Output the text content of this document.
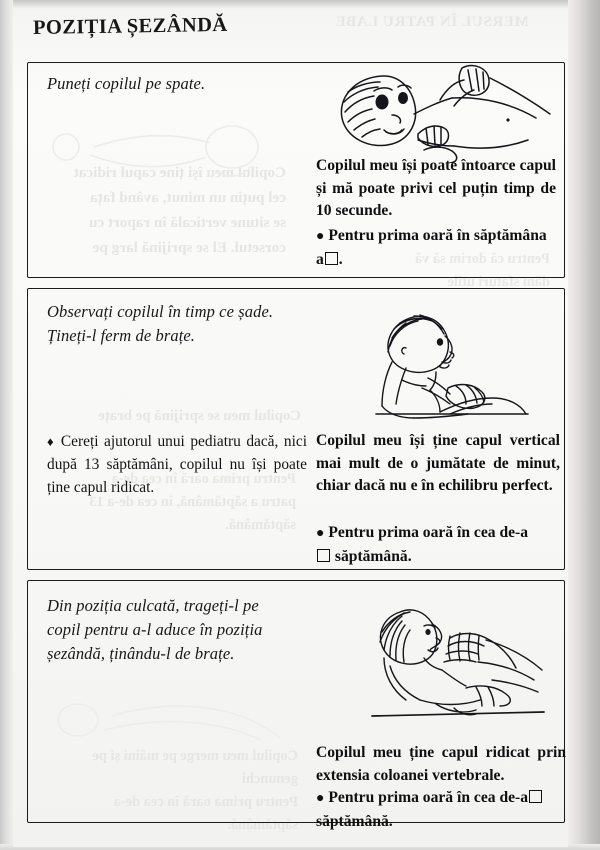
MERSUL ÎN PATRU LABE
Copilul meu își ține capul ridicat
cel puțin un minut, având fața
se situne verticală în raport cu
corsetul. El se sprijină larg pe
Pentru că dorim să vă
dăm sfaturi utile
Copilul meu se sprijină pe brațe
Pentru prima oară în cea de-a
patru a săptămână, în cea de-a 13
săptămână.
Copilul meu merge pe mâini și pe
genunchi
Pentru prima oară în cea de-a
săptămână.

Puneți copilul pe spate.
Copilul meu își poate întoarce capul și mă poate privi cel puțin timp de 10 secunde.
● Pentru prima oară în săptămâna
a .
Observați copilul în timp ce șade.
Țineți-l ferm de brațe.
♦ Cereți ajutorul unui pediatru dacă, nici după 13 săptămâni, copilul nu își poate ține capul ridicat.
Copilul meu își ține capul vertical mai mult de o jumătate de minut, chiar dacă nu e în echilibru perfect.
● Pentru prima oară în cea de-a
săptămână.
Din poziția culcată, trageți-l pe
copil pentru a-l aduce în poziția
șezândă, ținându-l de brațe.
Copilul meu ține capul ridicat prin extensia coloanei vertebrale.
● Pentru prima oară în cea de-a
săptămână.
POZIȚIA ȘEZÂNDĂ
